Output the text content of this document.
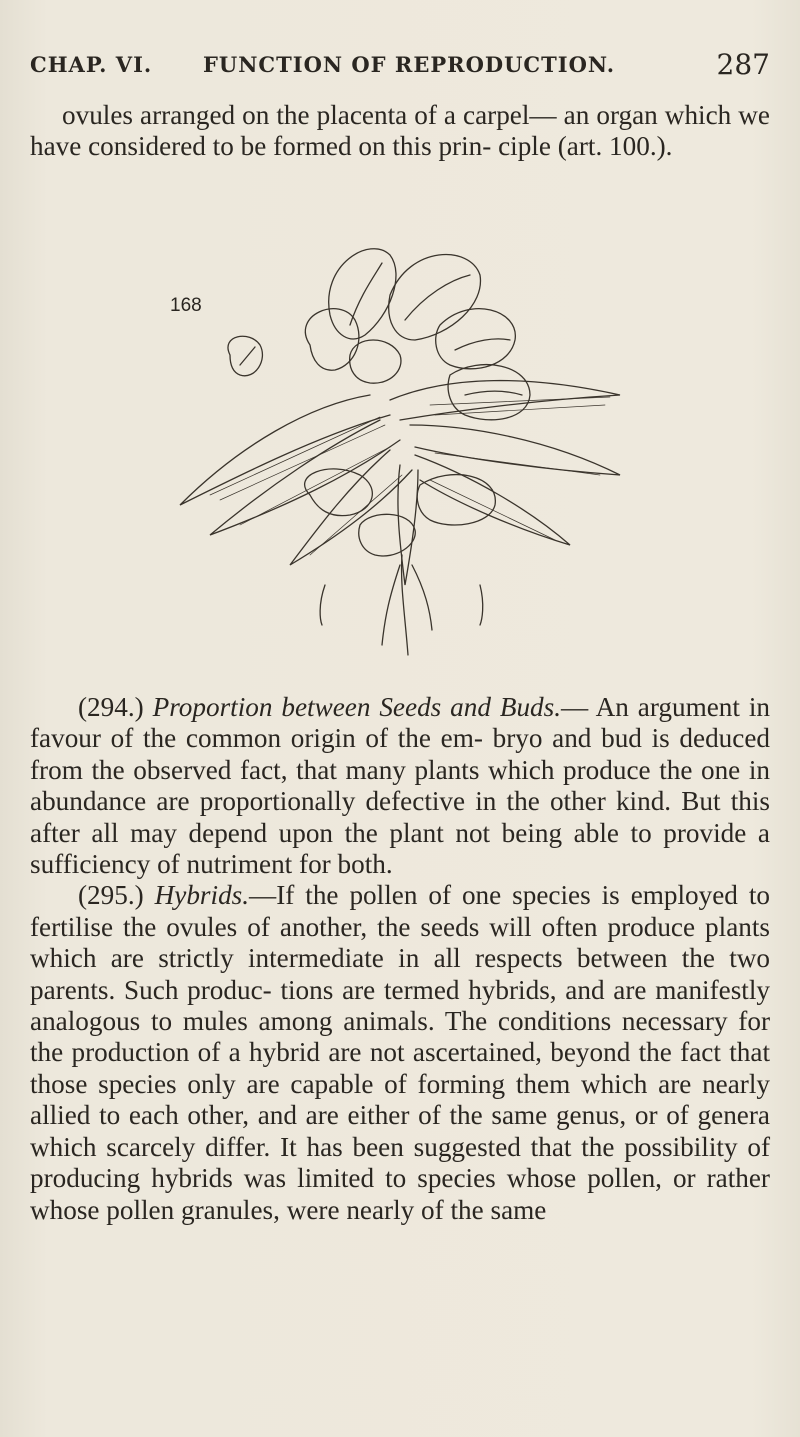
CHAP. VI. FUNCTION OF REPRODUCTION.	287

ovules arranged on the placenta of a carpel— an organ which we have considered to be formed on this prin- ciple (art. 100.).

168

(294.) Proportion between Seeds and Buds.— An argument in favour of the common origin of the em- bryo and bud is deduced from the observed fact, that many plants which produce the one in abundance are proportionally defective in the other kind. But this after all may depend upon the plant not being able to provide a sufficiency of nutriment for both.

(295.) Hybrids.—If the pollen of one species is employed to fertilise the ovules of another, the seeds will often produce plants which are strictly intermediate in all respects between the two parents. Such produc- tions are termed hybrids, and are manifestly analogous to mules among animals. The conditions necessary for the production of a hybrid are not ascertained, beyond the fact that those species only are capable of forming them which are nearly allied to each other, and are either of the same genus, or of genera which scarcely differ. It has been suggested that the possibility of producing hybrids was limited to species whose pollen, or rather whose pollen granules, were nearly of the same
